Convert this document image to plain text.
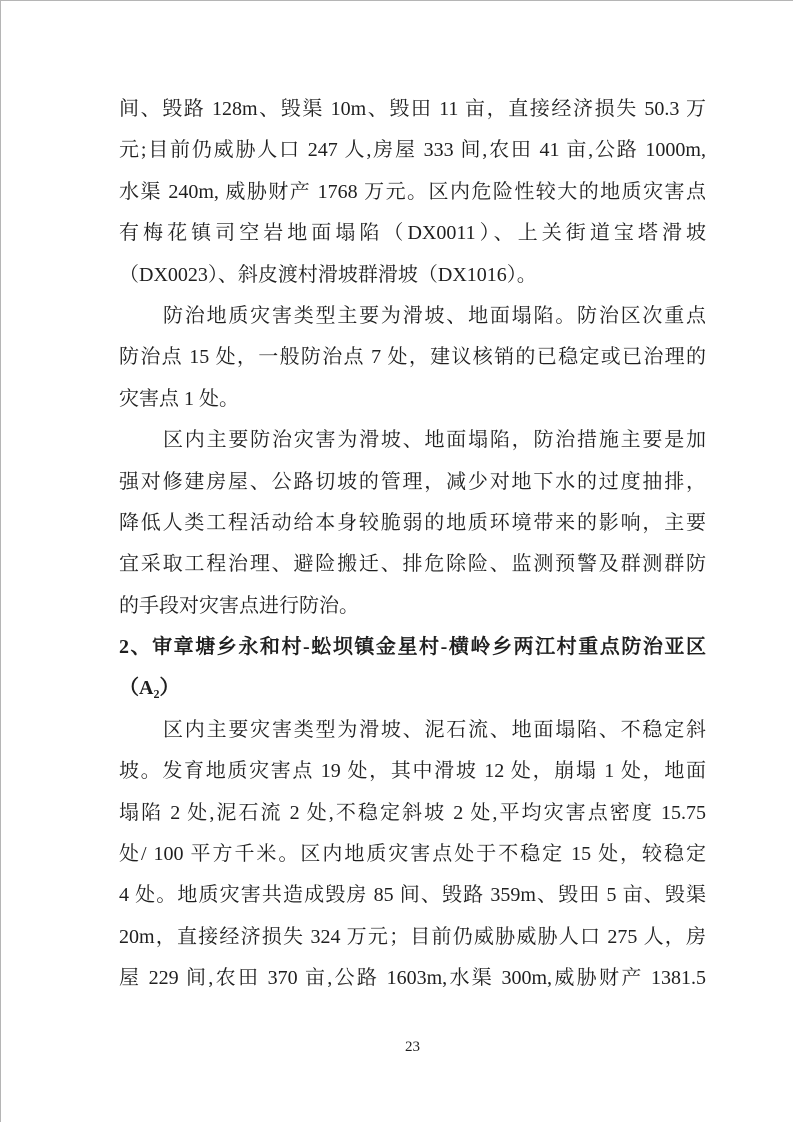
间、毁路 128m、毁渠 10m、毁田 11 亩，直接经济损失 50.3 万
元;目前仍威胁人口 247 人,房屋 333 间,农田 41 亩,公路 1000m,
水渠 240m, 威胁财产 1768 万元。区内危险性较大的地质灾害点
有梅花镇司空岩地面塌陷（DX0011）、上关街道宝塔滑坡
（DX0023）、斜皮渡村滑坡群滑坡（DX1016）。
防治地质灾害类型主要为滑坡、地面塌陷。防治区次重点
防治点 15 处，一般防治点 7 处，建议核销的已稳定或已治理的
灾害点 1 处。
区内主要防治灾害为滑坡、地面塌陷，防治措施主要是加
强对修建房屋、公路切坡的管理，减少对地下水的过度抽排，
降低人类工程活动给本身较脆弱的地质环境带来的影响，主要
宜采取工程治理、避险搬迁、排危除险、监测预警及群测群防
的手段对灾害点进行防治。
2、审章塘乡永和村-蚣坝镇金星村-横岭乡两江村重点防治亚区
（A₂）
区内主要灾害类型为滑坡、泥石流、地面塌陷、不稳定斜
坡。发育地质灾害点 19 处，其中滑坡 12 处，崩塌 1 处，地面
塌陷 2 处,泥石流 2 处,不稳定斜坡 2 处,平均灾害点密度 15.75
处/ 100 平方千米。区内地质灾害点处于不稳定 15 处，较稳定
4 处。地质灾害共造成毁房 85 间、毁路 359m、毁田 5 亩、毁渠
20m，直接经济损失 324 万元；目前仍威胁威胁人口 275 人，房
屋 229 间,农田 370 亩,公路 1603m,水渠 300m,威胁财产 1381.5
23
